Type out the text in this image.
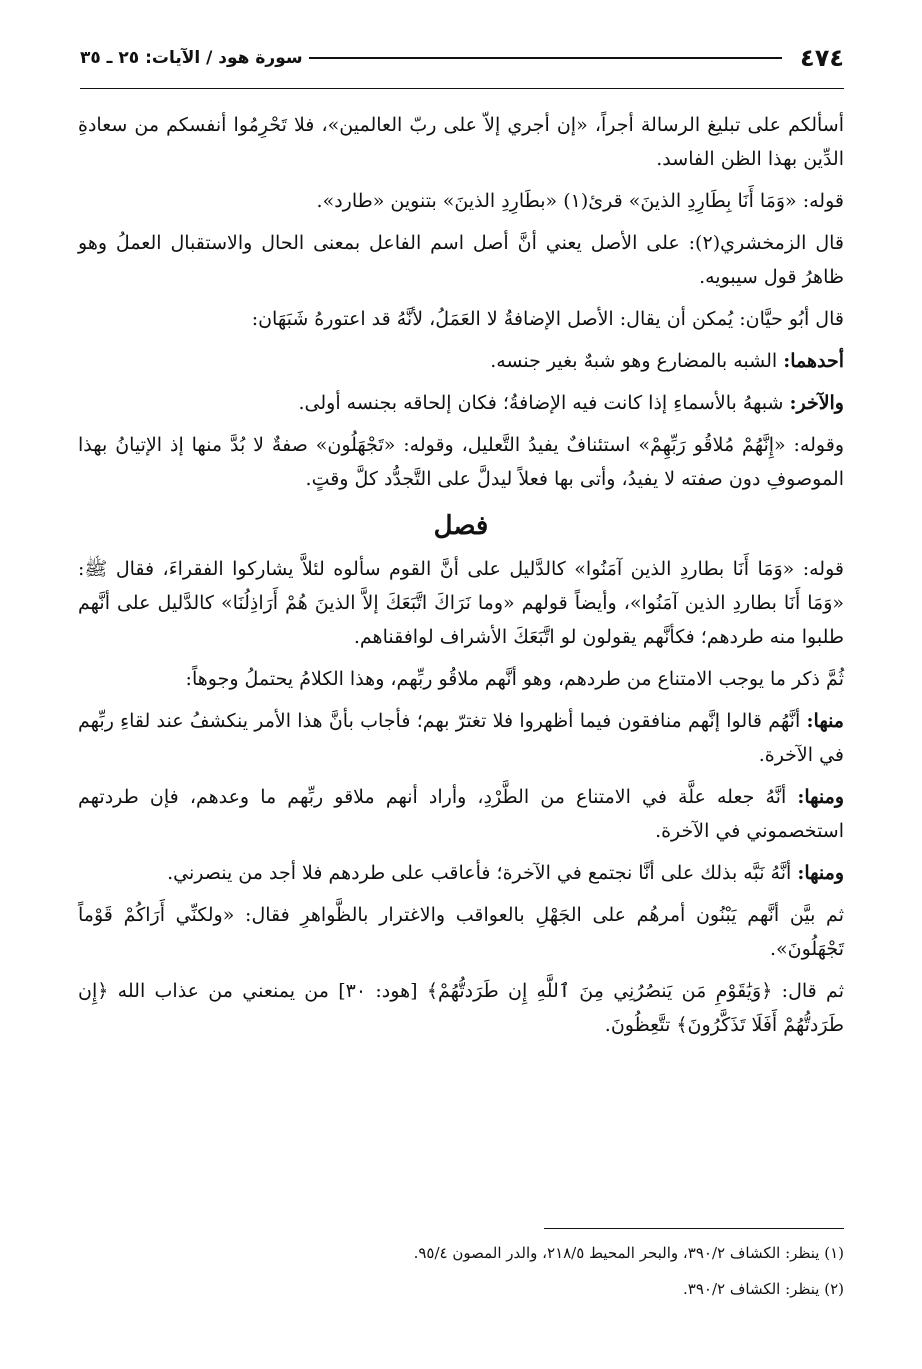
٤٧٤
سورة هود / الآيات: ٢٥ ـ ٣٥

أسألكم على تبليغ الرسالة أجراً، «إن أجري إلاّ على ربّ العالمين»، فلا تَحْرِمُوا أنفسكم من سعادةِ الدِّين بهذا الظن الفاسد.

قوله: «وَمَا أَنَا بِطَارِدِ الذينَ» قرئ(١) «بطَارِدِ الذينَ» بتنوين «طارد».

قال الزمخشري(٢): على الأصل يعني أنَّ أصل اسم الفاعل بمعنى الحال والاستقبال العملُ وهو ظاهرُ قول سيبويه.

قال أبُو حيَّان: يُمكن أن يقال: الأصل الإضافةُ لا العَمَلُ، لأنَّهُ قد اعتورهُ شَبَهَان:

أحدهما: الشبه بالمضارع وهو شبهٌ بغير جنسه.

والآخر: شبههُ بالأسماءِ إذا كانت فيه الإضافةُ؛ فكان إلحاقه بجنسه أولى.

وقوله: «إِنَّهُمْ مُلاقُو رَبِّهِمْ» استئنافٌ يفيدُ التَّعليل، وقوله: «تَجْهَلُون» صفةٌ لا بُدَّ منها إذ الإتيانُ بهذا الموصوفِ دون صفته لا يفيدُ، وأتى بها فعلاً ليدلَّ على التَّجدُّد كلَّ وقتٍ.

فصل

قوله: «وَمَا أَنَا بطاردِ الذين آمَنُوا» كالدَّليل على أنَّ القوم سألوه لئلاَّ يشاركوا الفقراءَ، فقال ﷺ: «وَمَا أَنَا بطاردِ الذين آمَنُوا»، وأيضاً قولهم «وما نَرَاكَ اتَّبَعَكَ إلاَّ الذينَ هُمْ أَرَاذِلُنَا» كالدَّليل على أنَّهم طلبوا منه طردهم؛ فكأنَّهم يقولون لو اتَّبَعَكَ الأشراف لوافقناهم.

ثُمَّ ذكر ما يوجب الامتناع من طردهم، وهو أنَّهم ملاقُو ربِّهم، وهذا الكلامُ يحتملُ وجوهاً:

منها: أنَّهُم قالوا إنَّهم منافقون فيما أظهروا فلا تغترّ بهم؛ فأجاب بأنَّ هذا الأمر ينكشفُ عند لقاءِ ربِّهم في الآخرة.

ومنها: أنَّهُ جعله علَّة في الامتناع من الطَّرْدِ، وأراد أنهم ملاقو ربِّهم ما وعدهم، فإن طردتهم استخصموني في الآخرة.

ومنها: أنَّهُ نَبَّه بذلك على أنَّا نجتمع في الآخرة؛ فأعاقب على طردهم فلا أجد من ينصرني.

ثم بيَّن أنَّهم يَبْنُون أمرهُم على الجَهْلِ بالعواقب والاغترار بالظَّواهرِ فقال: «ولكنِّي أَرَاكُمْ قَوْماً تَجْهَلُونَ».

ثم قال: ﴿وَيَٰقَوْمِ مَن يَنصُرُنِي مِنَ ٱللَّهِ إِن طَرَدتُّهُمْ﴾ [هود: ٣٠] من يمنعني من عذاب الله ﴿إِن طَرَدتُّهُمْ أَفَلَا تَذَكَّرُونَ﴾ تتَّعِظُونَ.

(١) ينظر: الكشاف ٣٩٠/٢، والبحر المحيط ٢١٨/٥، والدر المصون ٩٥/٤.

(٢) ينظر: الكشاف ٣٩٠/٢.
